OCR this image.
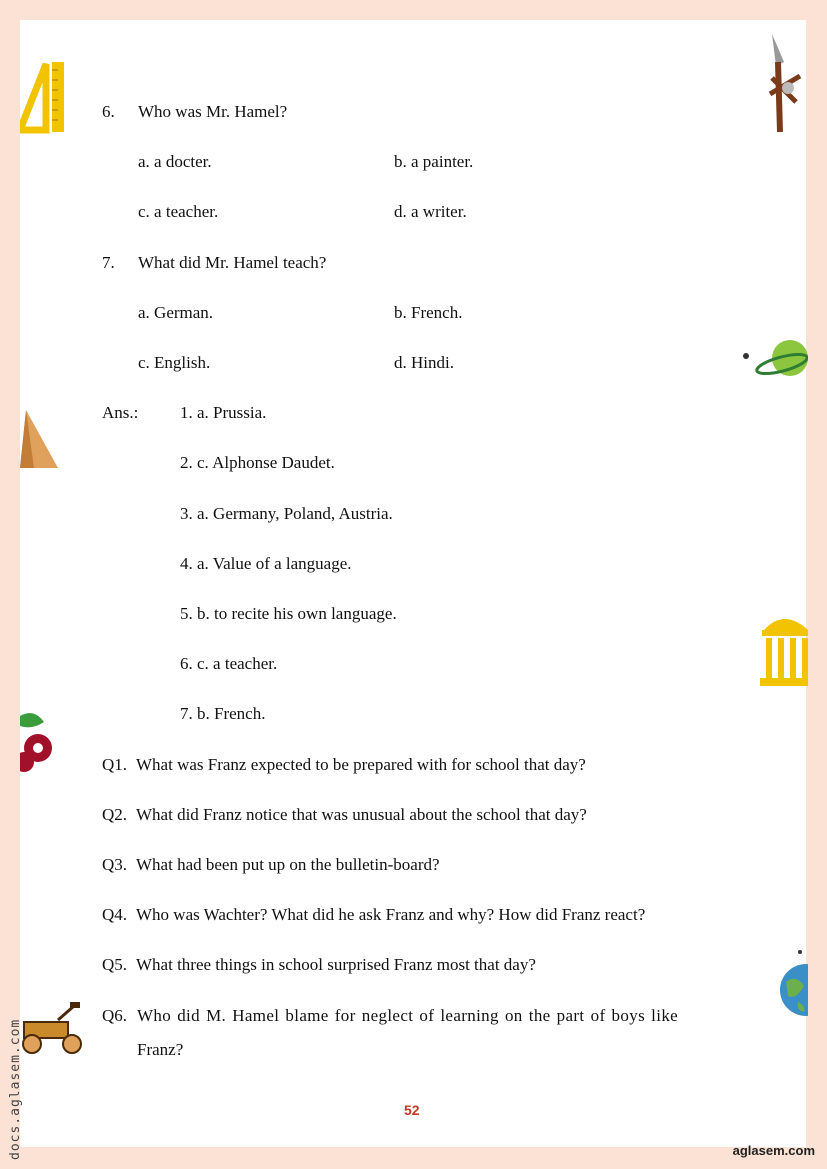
6. Who was Mr. Hamel?
a. a docter.	b. a painter.
c. a teacher.	d. a writer.
7. What did Mr. Hamel teach?
a. German.	b. French.
c. English.	d. Hindi.
Ans.: 1. a. Prussia.
2. c. Alphonse Daudet.
3. a. Germany, Poland, Austria.
4. a. Value of a language.
5. b. to recite his own language.
6. c. a teacher.
7. b. French.
Q1. What was Franz expected to be prepared with for school that day?
Q2. What did Franz notice that was unusual about the school that day?
Q3. What had been put up on the bulletin-board?
Q4. Who was Wachter? What did he ask Franz and why? How did Franz react?
Q5. What three things in school surprised Franz most that day?
Q6. Who did M. Hamel blame for neglect of learning on the part of boys like
Franz?
52
aglasem.com
docs.aglasem.com
